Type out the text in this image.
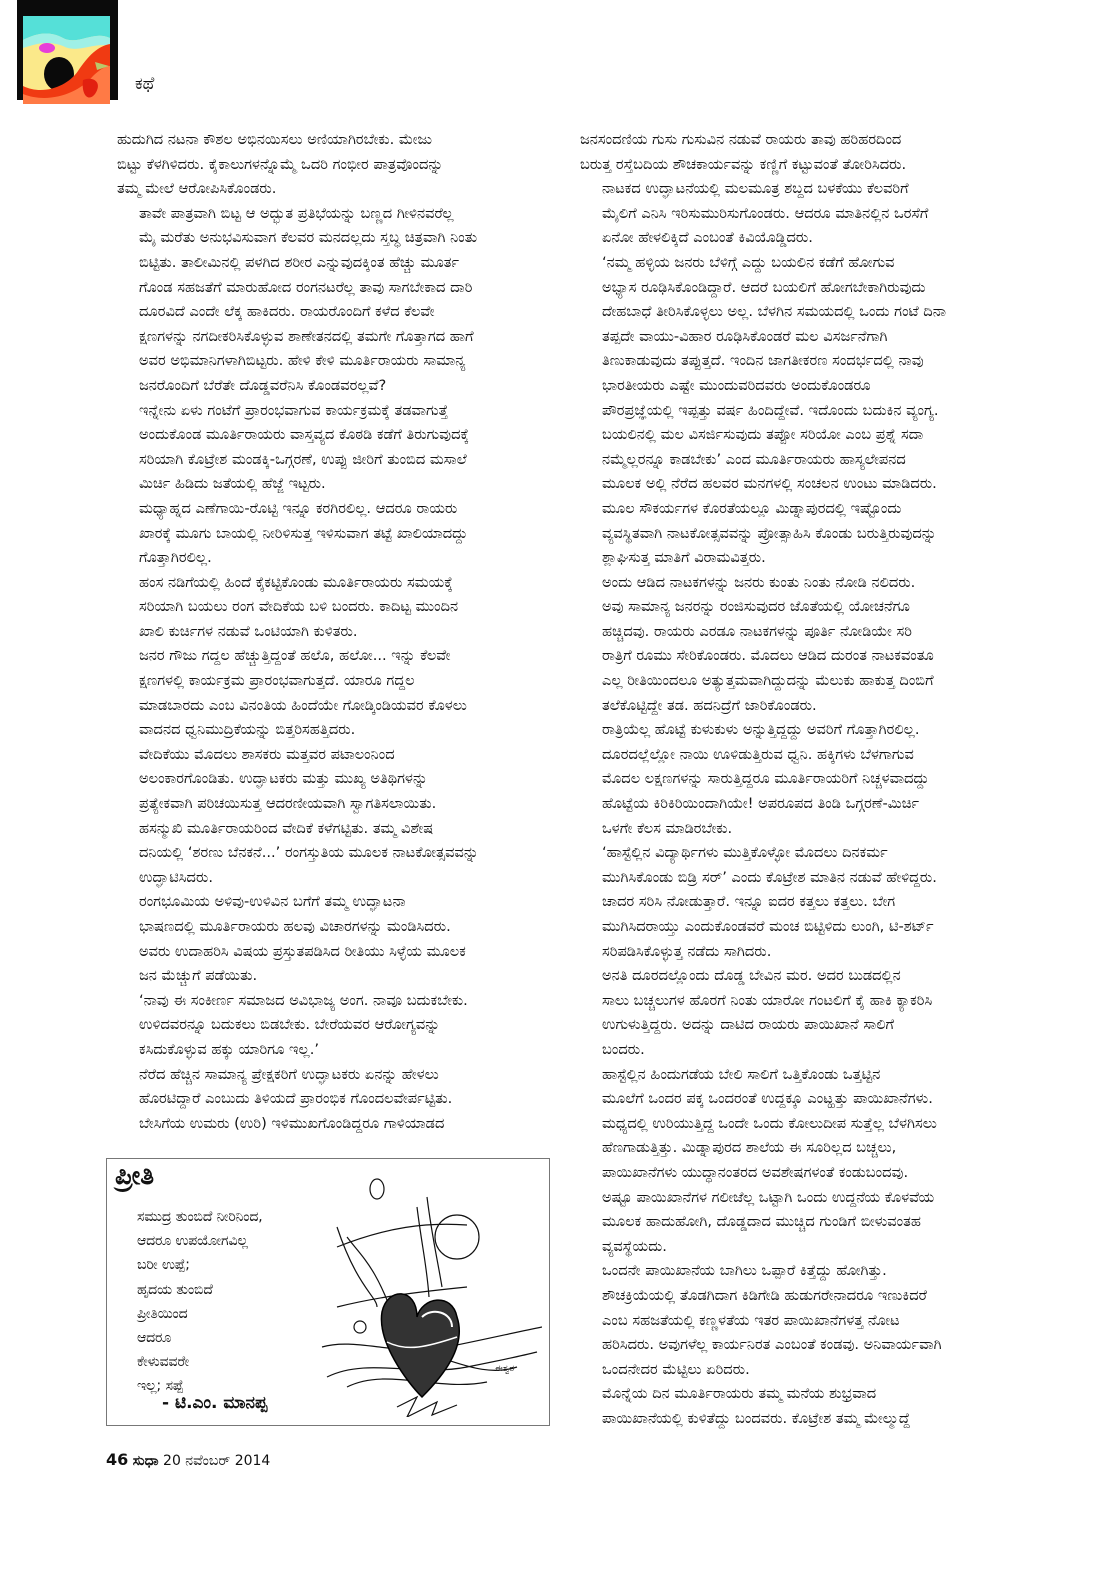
ಕಥೆ

ಹುದುಗಿದ ನಟನಾ ಕೌಶಲ ಅಭಿನಯಿಸಲು ಅಣಿಯಾಗಿರಬೇಕು. ಮೇಜು
ಬಿಟ್ಟು ಕೆಳಗಿಳಿದರು. ಕೈಕಾಲುಗಳನ್ನೊಮ್ಮೆ ಒದರಿ ಗಂಭೀರ ಪಾತ್ರವೊಂದನ್ನು
ತಮ್ಮ ಮೇಲೆ ಆರೋಪಿಸಿಕೊಂಡರು.

ತಾವೇ ಪಾತ್ರವಾಗಿ ಬಿಟ್ಟ ಆ ಅದ್ಭುತ ಪ್ರತಿಭೆಯನ್ನು ಬಣ್ಣದ ಗೀಳಿನವರೆಲ್ಲ
ಮೈ ಮರೆತು ಅನುಭವಿಸುವಾಗ ಕೆಲವರ ಮನದಲ್ಲದು ಸ್ತಬ್ಧ ಚಿತ್ರವಾಗಿ ನಿಂತು
ಬಿಟ್ಟಿತು. ತಾಲೀಮಿನಲ್ಲಿ ಪಳಗಿದ ಶರೀರ ಎನ್ನುವುದಕ್ಕಿಂತ ಹೆಚ್ಚು ಮೂರ್ತ
ಗೊಂಡ ಸಹಜತೆಗೆ ಮಾರುಹೋದ ರಂಗನಟರೆಲ್ಲ ತಾವು ಸಾಗಬೇಕಾದ ದಾರಿ
ದೂರವಿದೆ ಎಂದೇ ಲೆಕ್ಕ ಹಾಕಿದರು. ರಾಯರೊಂದಿಗೆ ಕಳೆದ ಕೆಲವೇ
ಕ್ಷಣಗಳನ್ನು ನಗದೀಕರಿಸಿಕೊಳ್ಳುವ ಶಾಣೇತನದಲ್ಲಿ ತಮಗೇ ಗೊತ್ತಾಗದ ಹಾಗೆ
ಅವರ ಅಭಿಮಾನಿಗಳಾಗಿಬಿಟ್ಟರು. ಹೇಳಿ ಕೇಳಿ ಮೂರ್ತಿರಾಯರು ಸಾಮಾನ್ಯ
ಜನರೊಂದಿಗೆ ಬೆರೆತೇ ದೊಡ್ಡವರೆನಿಸಿ ಕೊಂಡವರಲ್ಲವೆ?

ಇನ್ನೇನು ಏಳು ಗಂಟೆಗೆ ಪ್ರಾರಂಭವಾಗುವ ಕಾರ್ಯಕ್ರಮಕ್ಕೆ ತಡವಾಗುತ್ತೆ
ಅಂದುಕೊಂಡ ಮೂರ್ತಿರಾಯರು ವಾಸ್ತವ್ಯದ ಕೊಠಡಿ ಕಡೆಗೆ ತಿರುಗುವುದಕ್ಕೆ
ಸರಿಯಾಗಿ ಕೊಟ್ರೇಶ ಮಂಡಕ್ಕಿ-ಒಗ್ಗರಣೆ, ಉಪ್ಪು ಜೀರಿಗೆ ತುಂಬಿದ ಮಸಾಲೆ
ಮಿರ್ಚಿ ಹಿಡಿದು ಜತೆಯಲ್ಲಿ ಹೆಜ್ಜೆ ಇಟ್ಟರು.

ಮಧ್ಯಾಹ್ನದ ಎಣೆಗಾಯಿ-ರೊಟ್ಟಿ ಇನ್ನೂ ಕರಗಿರಲಿಲ್ಲ. ಆದರೂ ರಾಯರು
ಖಾರಕ್ಕೆ ಮೂಗು ಬಾಯಲ್ಲಿ ನೀರಿಳಿಸುತ್ತ ಇಳಿಸುವಾಗ ತಟ್ಟೆ ಖಾಲಿಯಾದದ್ದು
ಗೊತ್ತಾಗಿರಲಿಲ್ಲ.

ಹಂಸ ನಡಿಗೆಯಲ್ಲಿ ಹಿಂದೆ ಕೈಕಟ್ಟಿಕೊಂಡು ಮೂರ್ತಿರಾಯರು ಸಮಯಕ್ಕೆ
ಸರಿಯಾಗಿ ಬಯಲು ರಂಗ ವೇದಿಕೆಯ ಬಳಿ ಬಂದರು. ಕಾದಿಟ್ಟ ಮುಂದಿನ
ಖಾಲಿ ಕುರ್ಚಿಗಳ ನಡುವೆ ಒಂಟಿಯಾಗಿ ಕುಳಿತರು.

ಜನರ ಗೌಜು ಗದ್ದಲ ಹೆಚ್ಚುತ್ತಿದ್ದಂತೆ ಹಲೊ, ಹಲೋ... ಇನ್ನು ಕೆಲವೇ
ಕ್ಷಣಗಳಲ್ಲಿ ಕಾರ್ಯಕ್ರಮ ಪ್ರಾರಂಭವಾಗುತ್ತದೆ. ಯಾರೂ ಗದ್ದಲ
ಮಾಡಬಾರದು ಎಂಬ ವಿನಂತಿಯ ಹಿಂದೆಯೇ ಗೋಡ್ಕಿಂಡಿಯವರ ಕೊಳಲು
ವಾದನದ ಧ್ವನಿಮುದ್ರಿಕೆಯನ್ನು ಬಿತ್ತರಿಸಹತ್ತಿದರು.

ವೇದಿಕೆಯು ಮೊದಲು ಶಾಸಕರು ಮತ್ತವರ ಪಟಾಲಂನಿಂದ
ಅಲಂಕಾರಗೊಂಡಿತು. ಉದ್ಘಾಟಕರು ಮತ್ತು ಮುಖ್ಯ ಅತಿಥಿಗಳನ್ನು
ಪ್ರತ್ಯೇಕವಾಗಿ ಪರಿಚಯಿಸುತ್ತ ಆದರಣೀಯವಾಗಿ ಸ್ವಾಗತಿಸಲಾಯಿತು.

ಹಸನ್ಮುಖಿ ಮೂರ್ತಿರಾಯರಿಂದ ವೇದಿಕೆ ಕಳೆಗಟ್ಟಿತು. ತಮ್ಮ ವಿಶೇಷ
ದನಿಯಲ್ಲಿ ‘ಶರಣು ಬೆನಕನೆ...’ ರಂಗಸ್ತುತಿಯ ಮೂಲಕ ನಾಟಕೋತ್ಸವವನ್ನು
ಉದ್ಘಾಟಿಸಿದರು.

ರಂಗಭೂಮಿಯ ಅಳಿವು-ಉಳಿವಿನ ಬಗೆಗೆ ತಮ್ಮ ಉದ್ಘಾಟನಾ
ಭಾಷಣದಲ್ಲಿ ಮೂರ್ತಿರಾಯರು ಹಲವು ವಿಚಾರಗಳನ್ನು ಮಂಡಿಸಿದರು.
ಅವರು ಉದಾಹರಿಸಿ ವಿಷಯ ಪ್ರಸ್ತುತಪಡಿಸಿದ ರೀತಿಯು ಸಿಳ್ಳೆಯ ಮೂಲಕ
ಜನ ಮೆಚ್ಚುಗೆ ಪಡೆಯಿತು.

‘ನಾವು ಈ ಸಂಕೀರ್ಣ ಸಮಾಜದ ಅವಿಭಾಜ್ಯ ಅಂಗ. ನಾವೂ ಬದುಕಬೇಕು.
ಉಳಿದವರನ್ನೂ ಬದುಕಲು ಬಿಡಬೇಕು. ಬೇರೆಯವರ ಆರೋಗ್ಯವನ್ನು
ಕಸಿದುಕೊಳ್ಳುವ ಹಕ್ಕು ಯಾರಿಗೂ ಇಲ್ಲ.’

ನೆರೆದ ಹೆಚ್ಚಿನ ಸಾಮಾನ್ಯ ಪ್ರೇಕ್ಷಕರಿಗೆ ಉದ್ಘಾಟಕರು ಏನನ್ನು ಹೇಳಲು
ಹೊರಟಿದ್ದಾರೆ ಎಂಬುದು ತಿಳಿಯದೆ ಪ್ರಾರಂಭಿಕ ಗೊಂದಲವೇರ್ಪಟ್ಟಿತು.
ಬೇಸಿಗೆಯ ಉಮರು (ಉರಿ) ಇಳಿಮುಖಗೊಂಡಿದ್ದರೂ ಗಾಳಿಯಾಡದ

ಜನಸಂದಣಿಯ ಗುಸು ಗುಸುವಿನ ನಡುವೆ ರಾಯರು ತಾವು ಹರಿಹರದಿಂದ
ಬರುತ್ತ ರಸ್ತೆಬದಿಯ ಶೌಚಕಾರ್ಯವನ್ನು ಕಣ್ಣಿಗೆ ಕಟ್ಟುವಂತೆ ತೋರಿಸಿದರು.

ನಾಟಕದ ಉದ್ಘಾಟನೆಯಲ್ಲಿ ಮಲಮೂತ್ರ ಶಬ್ದದ ಬಳಕೆಯು ಕೆಲವರಿಗೆ
ಮೈಲಿಗೆ ಎನಿಸಿ ಇರಿಸುಮುರಿಸುಗೊಂಡರು. ಆದರೂ ಮಾತಿನಲ್ಲಿನ ಒರಸೆಗೆ
ಏನೋ ಹೇಳಲಿಕ್ಕಿದೆ ಎಂಬಂತೆ ಕಿವಿಯೊಡ್ಡಿದರು.

‘ನಮ್ಮ ಹಳ್ಳಿಯ ಜನರು ಬೆಳಿಗ್ಗೆ ಎದ್ದು ಬಯಲಿನ ಕಡೆಗೆ ಹೋಗುವ
ಅಭ್ಯಾಸ ರೂಢಿಸಿಕೊಂಡಿದ್ದಾರೆ. ಆದರೆ ಬಯಲಿಗೆ ಹೋಗಬೇಕಾಗಿರುವುದು
ದೇಹಬಾಧೆ ತೀರಿಸಿಕೊಳ್ಳಲು ಅಲ್ಲ. ಬೆಳಗಿನ ಸಮಯದಲ್ಲಿ ಒಂದು ಗಂಟೆ ದಿನಾ
ತಪ್ಪದೇ ವಾಯು-ವಿಹಾರ ರೂಢಿಸಿಕೊಂಡರೆ ಮಲ ವಿಸರ್ಜನೆಗಾಗಿ
ತಿಣುಕಾಡುವುದು ತಪ್ಪುತ್ತದೆ. ಇಂದಿನ ಜಾಗತೀಕರಣ ಸಂದರ್ಭದಲ್ಲಿ ನಾವು
ಭಾರತೀಯರು ಎಷ್ಟೇ ಮುಂದುವರಿದವರು ಅಂದುಕೊಂಡರೂ
ಪೌರಪ್ರಜ್ಞೆಯಲ್ಲಿ ಇಪ್ಪತ್ತು ವರ್ಷ ಹಿಂದಿದ್ದೇವೆ. ಇದೊಂದು ಬದುಕಿನ ವ್ಯಂಗ್ಯ.
ಬಯಲಿನಲ್ಲಿ ಮಲ ವಿಸರ್ಜಿಸುವುದು ತಪ್ಪೋ ಸರಿಯೋ ಎಂಬ ಪ್ರಶ್ನೆ ಸದಾ
ನಮ್ಮೆಲ್ಲರನ್ನೂ ಕಾಡಬೇಕು’ ಎಂದ ಮೂರ್ತಿರಾಯರು ಹಾಸ್ಯಲೇಪನದ
ಮೂಲಕ ಅಲ್ಲಿ ನೆರೆದ ಹಲವರ ಮನಗಳಲ್ಲಿ ಸಂಚಲನ ಉಂಟು ಮಾಡಿದರು.

ಮೂಲ ಸೌಕರ್ಯಗಳ ಕೊರತೆಯಲ್ಲೂ ಮಿಡ್ನಾಪುರದಲ್ಲಿ ಇಷ್ಟೊಂದು
ವ್ಯವಸ್ಥಿತವಾಗಿ ನಾಟಕೋತ್ಸವವನ್ನು ಪ್ರೋತ್ಸಾಹಿಸಿ ಕೊಂಡು ಬರುತ್ತಿರುವುದನ್ನು
ಶ್ಲಾಘಿಸುತ್ತ ಮಾತಿಗೆ ವಿರಾಮವಿತ್ತರು.

ಅಂದು ಆಡಿದ ನಾಟಕಗಳನ್ನು ಜನರು ಕುಂತು ನಿಂತು ನೋಡಿ ನಲಿದರು.
ಅವು ಸಾಮಾನ್ಯ ಜನರನ್ನು ರಂಜಿಸುವುದರ ಜೊತೆಯಲ್ಲಿ ಯೋಚನೆಗೂ
ಹಚ್ಚಿದವು. ರಾಯರು ಎರಡೂ ನಾಟಕಗಳನ್ನು ಪೂರ್ತಿ ನೋಡಿಯೇ ಸರಿ
ರಾತ್ರಿಗೆ ರೂಮು ಸೇರಿಕೊಂಡರು. ಮೊದಲು ಆಡಿದ ದುರಂತ ನಾಟಕವಂತೂ
ಎಲ್ಲ ರೀತಿಯಿಂದಲೂ ಅತ್ಯುತ್ತಮವಾಗಿದ್ದುದನ್ನು ಮೆಲುಕು ಹಾಕುತ್ತ ದಿಂಬಿಗೆ
ತಲೆಕೊಟ್ಟಿದ್ದೇ ತಡ. ಹದನಿದ್ರೆಗೆ ಜಾರಿಕೊಂಡರು.

ರಾತ್ರಿಯೆಲ್ಲ ಹೊಟ್ಟೆ ಕುಳುಕುಳು ಅನ್ನುತ್ತಿದ್ದದ್ದು ಅವರಿಗೆ ಗೊತ್ತಾಗಿರಲಿಲ್ಲ.
ದೂರದಲ್ಲೆಲ್ಲೋ ನಾಯಿ ಊಳಿಡುತ್ತಿರುವ ಧ್ವನಿ. ಹಕ್ಕಿಗಳು ಬೆಳಗಾಗುವ
ಮೊದಲ ಲಕ್ಷಣಗಳನ್ನು ಸಾರುತ್ತಿದ್ದರೂ ಮೂರ್ತಿರಾಯರಿಗೆ ನಿಚ್ಚಳವಾದದ್ದು
ಹೊಟ್ಟೆಯ ಕಿರಿಕಿರಿಯಿಂದಾಗಿಯೇ! ಅಪರೂಪದ ತಿಂಡಿ ಒಗ್ಗರಣೆ-ಮಿರ್ಚಿ
ಒಳಗೇ ಕೆಲಸ ಮಾಡಿರಬೇಕು.

‘ಹಾಸ್ಟೆಲ್ಲಿನ ವಿದ್ಯಾರ್ಥಿಗಳು ಮುತ್ತಿಕೊಳ್ಳೋ ಮೊದಲು ದಿನಕರ್ಮ
ಮುಗಿಸಿಕೊಂಡು ಬಿಡ್ರಿ ಸರ್’ ಎಂದು ಕೊಟ್ರೇಶ ಮಾತಿನ ನಡುವೆ ಹೇಳಿದ್ದರು.
ಚಾದರ ಸರಿಸಿ ನೋಡುತ್ತಾರೆ. ಇನ್ನೂ ಐದರ ಕತ್ತಲು ಕತ್ತಲು. ಬೇಗ
ಮುಗಿಸಿದರಾಯ್ತು ಎಂದುಕೊಂಡವರೆ ಮಂಚ ಬಿಟ್ಟಿಳಿದು ಲುಂಗಿ, ಟಿ-ಶರ್ಟ್
ಸರಿಪಡಿಸಿಕೊಳ್ಳುತ್ತ ನಡೆದು ಸಾಗಿದರು.

ಅನತಿ ದೂರದಲ್ಲೊಂದು ದೊಡ್ಡ ಬೇವಿನ ಮರ. ಅದರ ಬುಡದಲ್ಲಿನ
ಸಾಲು ಬಚ್ಚಲುಗಳ ಹೊರಗೆ ನಿಂತು ಯಾರೋ ಗಂಟಲಿಗೆ ಕೈ ಹಾಕಿ ಕ್ಯಾಕರಿಸಿ
ಉಗುಳುತ್ತಿದ್ದರು. ಅದನ್ನು ದಾಟಿದ ರಾಯರು ಪಾಯಿಖಾನೆ ಸಾಲಿಗೆ
ಬಂದರು.

ಹಾಸ್ಟೆಲ್ಲಿನ ಹಿಂದುಗಡೆಯ ಬೇಲಿ ಸಾಲಿಗೆ ಒತ್ತಿಕೊಂಡು ಒತ್ತಟ್ಟಿನ
ಮೂಲೆಗೆ ಒಂದರ ಪಕ್ಕ ಒಂದರಂತೆ ಉದ್ದಕ್ಕೂ ಎಂಟ್ಹತ್ತು ಪಾಯಿಖಾನೆಗಳು.
ಮಧ್ಯದಲ್ಲಿ ಉರಿಯುತ್ತಿದ್ದ ಒಂದೇ ಒಂದು ಕೋಲುದೀಪ ಸುತ್ತೆಲ್ಲ ಬೆಳಗಿಸಲು
ಹೆಣಗಾಡುತ್ತಿತ್ತು. ಮಿಡ್ನಾಪುರದ ಶಾಲೆಯ ಈ ಸೂರಿಲ್ಲದ ಬಚ್ಚಲು,
ಪಾಯಿಖಾನೆಗಳು ಯುದ್ಧಾನಂತರದ ಅವಶೇಷಗಳಂತೆ ಕಂಡುಬಂದವು.
ಅಷ್ಟೂ ಪಾಯಿಖಾನೆಗಳ ಗಲೀಜೆಲ್ಲ ಒಟ್ಟಾಗಿ ಒಂದು ಉದ್ದನೆಯ ಕೊಳವೆಯ
ಮೂಲಕ ಹಾದುಹೋಗಿ, ದೊಡ್ಡದಾದ ಮುಚ್ಚಿದ ಗುಂಡಿಗೆ ಬೀಳುವಂತಹ
ವ್ಯವಸ್ಥೆಯದು.

ಒಂದನೇ ಪಾಯಿಖಾನೆಯ ಬಾಗಿಲು ಒಪ್ಪಾರೆ ಕಿತ್ತೆದ್ದು ಹೋಗಿತ್ತು.
ಶೌಚಕ್ರಿಯೆಯಲ್ಲಿ ತೊಡಗಿದಾಗ ಕಿಡಿಗೇಡಿ ಹುಡುಗರೇನಾದರೂ ಇಣುಕಿದರೆ
ಎಂಬ ಸಹಜತೆಯಲ್ಲಿ ಕಣ್ಣಳತೆಯ ಇತರ ಪಾಯಿಖಾನೆಗಳತ್ತ ನೋಟ
ಹರಿಸಿದರು. ಅವುಗಳೆಲ್ಲ ಕಾರ್ಯನಿರತ ಎಂಬಂತೆ ಕಂಡವು. ಅನಿವಾರ್ಯವಾಗಿ
ಒಂದನೇದರ ಮೆಟ್ಟಿಲು ಏರಿದರು.

ಮೊನ್ನೆಯ ದಿನ ಮೂರ್ತಿರಾಯರು ತಮ್ಮ ಮನೆಯ ಶುಭ್ರವಾದ
ಪಾಯಿಖಾನೆಯಲ್ಲಿ ಕುಳಿತೆದ್ದು ಬಂದವರು. ಕೊಟ್ರೇಶ ತಮ್ಮ ಮೇಲ್ಮುದ್ದೆ

ಪ್ರೀತಿ
ಸಮುದ್ರ ತುಂಬಿದೆ ನೀರಿನಿಂದ,
ಆದರೂ ಉಪಯೋಗವಿಲ್ಲ
ಬರೀ ಉಪ್ಪೆ;
ಹೃದಯ ತುಂಬಿದೆ
ಪ್ರೀತಿಯಿಂದ
ಆದರೂ
ಕೇಳುವವರೇ
ಇಲ್ಲ; ಸಪ್ಪೆ
- ಟಿ.ಎಂ. ಮಾನಪ್ಪ
ಈಶ್ವರ
46 ಸುಧಾ 20 ನವೆಂಬರ್ 2014
